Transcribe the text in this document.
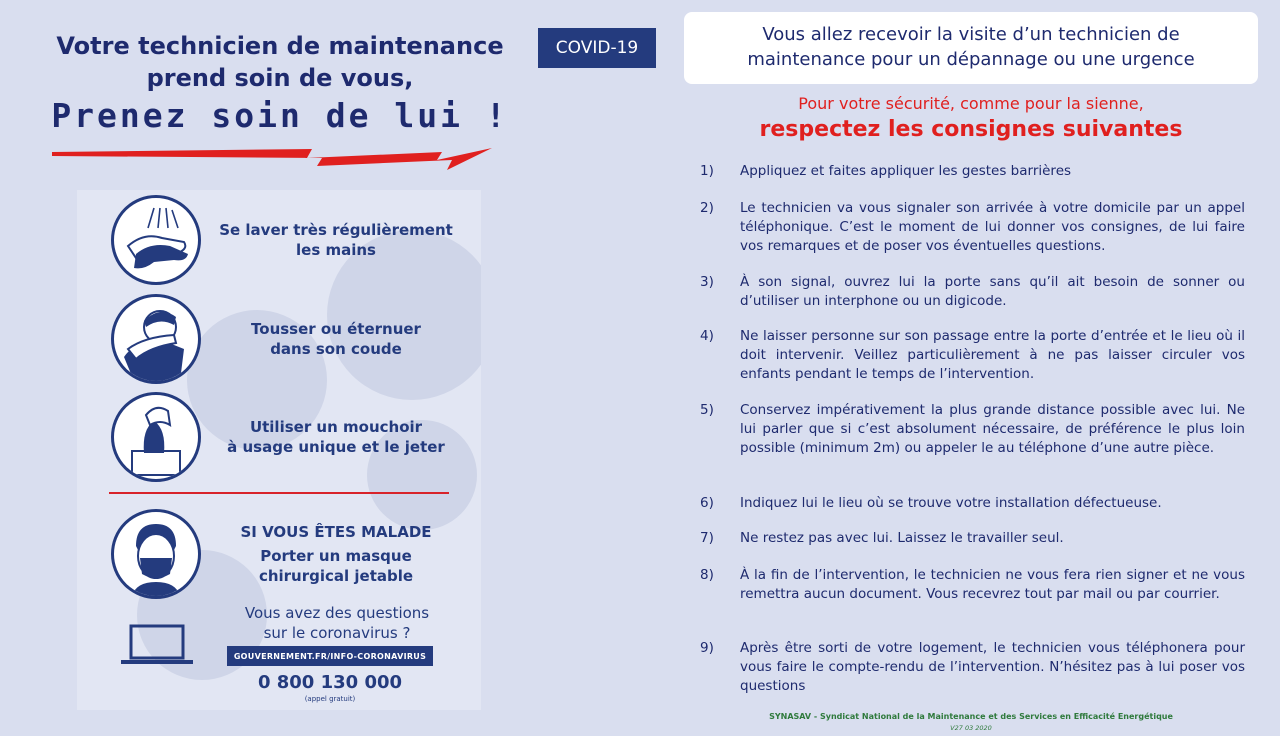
Votre technicien de maintenance
prend soin de vous,
Prenez soin de lui !
COVID-19
Se laver très régulièrement
les mains
Tousser ou éternuer
dans son coude
Utiliser un mouchoir
à usage unique et le jeter
SI VOUS ÊTES MALADE
Porter un masque
chirurgical jetable
Vous avez des questions
sur le coronavirus ?
GOUVERNEMENT.FR/INFO-CORONAVIRUS
0 800 130 000
(appel gratuit)
Vous allez recevoir la visite d’un technicien de
maintenance pour un dépannage ou une urgence
Pour votre sécurité, comme pour la sienne,
respectez les consignes suivantes
1)	Appliquez et faites appliquer les gestes barrières
2)	Le technicien va vous signaler son arrivée à votre domicile par un appel téléphonique. C’est le moment de lui donner vos consignes, de lui faire vos remarques et de poser vos éventuelles questions.
3)	À son signal, ouvrez lui la porte sans qu’il ait besoin de sonner ou d’utiliser un interphone ou un digicode.
4)	Ne laisser personne sur son passage entre la porte d’entrée et le lieu où il doit intervenir. Veillez particulièrement à ne pas laisser circuler vos enfants pendant le temps de l’intervention.
5)	Conservez impérativement la plus grande distance possible avec lui. Ne lui parler que si c’est absolument nécessaire, de préférence le plus loin possible (minimum 2m) ou appeler le au téléphone d’une autre pièce.
6)	Indiquez lui le lieu où se trouve votre installation défectueuse.
7)	Ne restez pas avec lui. Laissez le travailler seul.
8)	À la fin de l’intervention, le technicien ne vous fera rien signer et ne vous remettra aucun document. Vous recevrez tout par mail ou par courrier.
9)	Après être sorti de votre logement, le technicien vous téléphonera pour vous faire le compte-rendu de l’intervention. N’hésitez pas à lui poser vos questions
SYNASAV - Syndicat National de la Maintenance et des Services en Efficacité Energétique
V27 03 2020
